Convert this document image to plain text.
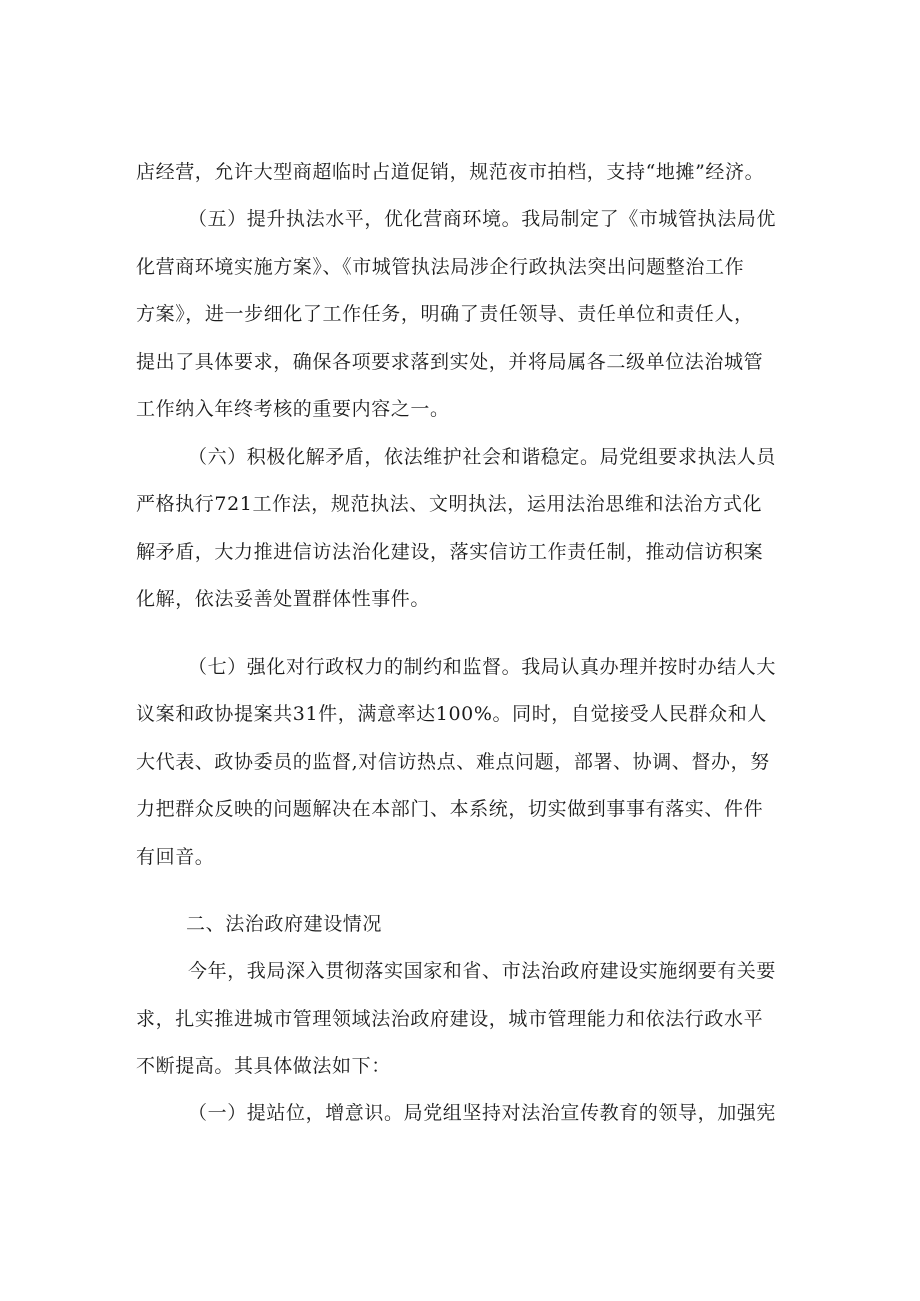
店经营，允许大型商超临时占道促销，规范夜市拍档，支持“地摊”经济。
（五）提升执法水平，优化营商环境。我局制定了《市城管执法局优
化营商环境实施方案》、《市城管执法局涉企行政执法突出问题整治工作
方案》，进一步细化了工作任务，明确了责任领导、责任单位和责任人，
提出了具体要求，确保各项要求落到实处，并将局属各二级单位法治城管
工作纳入年终考核的重要内容之一。
（六）积极化解矛盾，依法维护社会和谐稳定。局党组要求执法人员
严格执行721工作法，规范执法、文明执法，运用法治思维和法治方式化
解矛盾，大力推进信访法治化建设，落实信访工作责任制，推动信访积案
化解，依法妥善处置群体性事件。
（七）强化对行政权力的制约和监督。我局认真办理并按时办结人大
议案和政协提案共31件，满意率达100%。同时，自觉接受人民群众和人
大代表、政协委员的监督,对信访热点、难点问题，部署、协调、督办，努
力把群众反映的问题解决在本部门、本系统，切实做到事事有落实、件件
有回音。
二、法治政府建设情况
今年，我局深入贯彻落实国家和省、市法治政府建设实施纲要有关要
求，扎实推进城市管理领域法治政府建设，城市管理能力和依法行政水平
不断提高。其具体做法如下：
（一）提站位，增意识。局党组坚持对法治宣传教育的领导，加强宪
